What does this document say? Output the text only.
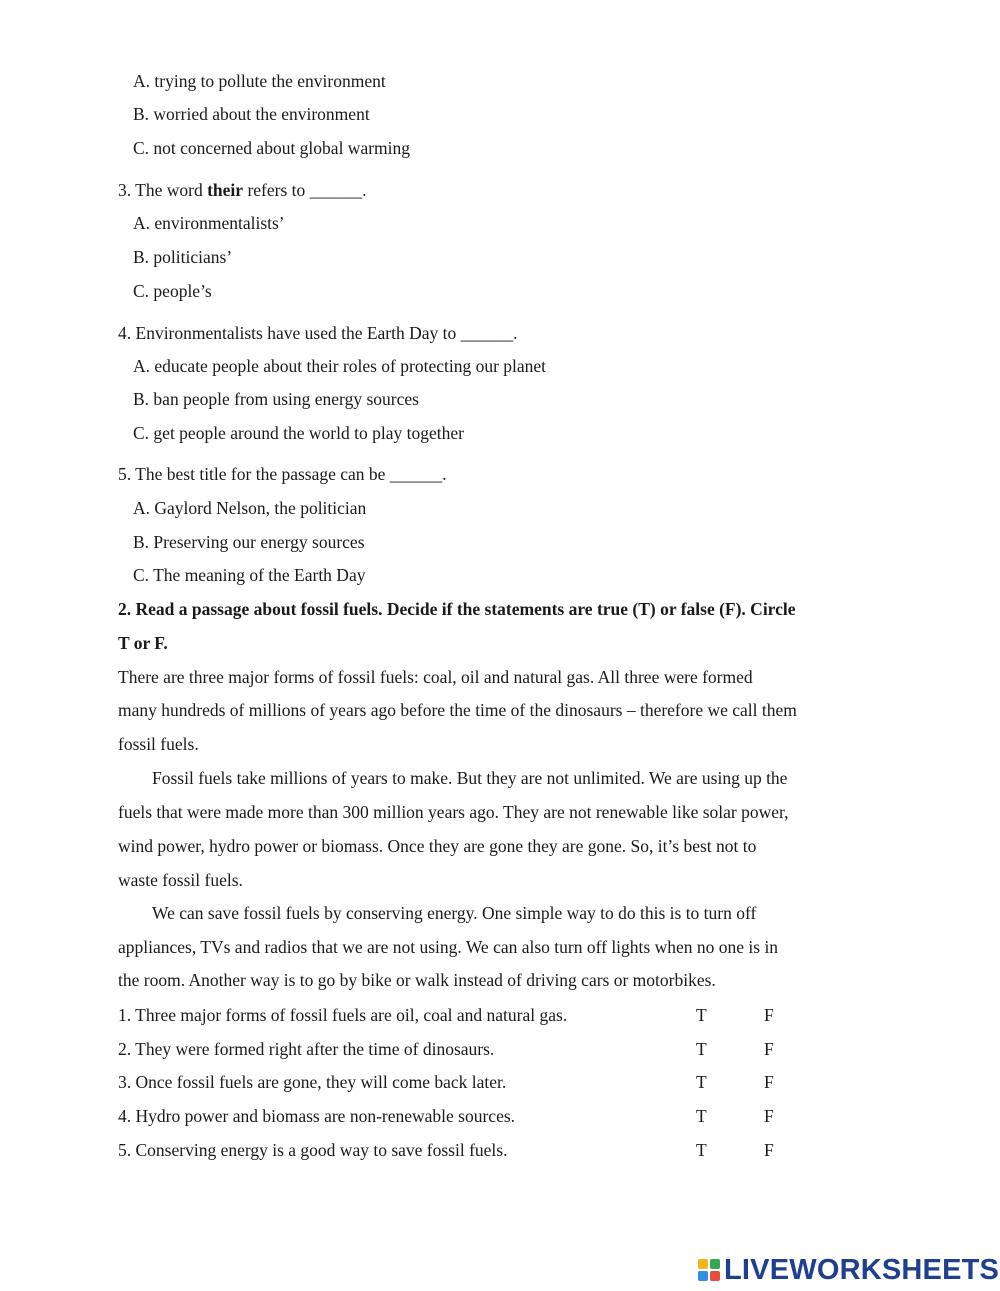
A. trying to pollute the environment
B. worried about the environment
C. not concerned about global warming
3. The word their refers to ______.
A. environmentalists’
B. politicians’
C. people’s
4. Environmentalists have used the Earth Day to ______.
A. educate people about their roles of protecting our planet
B. ban people from using energy sources
C. get people around the world to play together
5. The best title for the passage can be ______.
A. Gaylord Nelson, the politician
B. Preserving our energy sources
C. The meaning of the Earth Day
2. Read a passage about fossil fuels. Decide if the statements are true (T) or false (F). Circle
T or F.
There are three major forms of fossil fuels: coal, oil and natural gas. All three were formed
many hundreds of millions of years ago before the time of the dinosaurs – therefore we call them
fossil fuels.
Fossil fuels take millions of years to make. But they are not unlimited. We are using up the
fuels that were made more than 300 million years ago. They are not renewable like solar power,
wind power, hydro power or biomass. Once they are gone they are gone. So, it’s best not to
waste fossil fuels.
We can save fossil fuels by conserving energy. One simple way to do this is to turn off
appliances, TVs and radios that we are not using. We can also turn off lights when no one is in
the room. Another way is to go by bike or walk instead of driving cars or motorbikes.
1. Three major forms of fossil fuels are oil, coal and natural gas.	T	F
2. They were formed right after the time of dinosaurs.	T	F
3. Once fossil fuels are gone, they will come back later.	T	F
4. Hydro power and biomass are non-renewable sources.	T	F
5. Conserving energy is a good way to save fossil fuels.	T	F
LIVEWORKSHEETS
